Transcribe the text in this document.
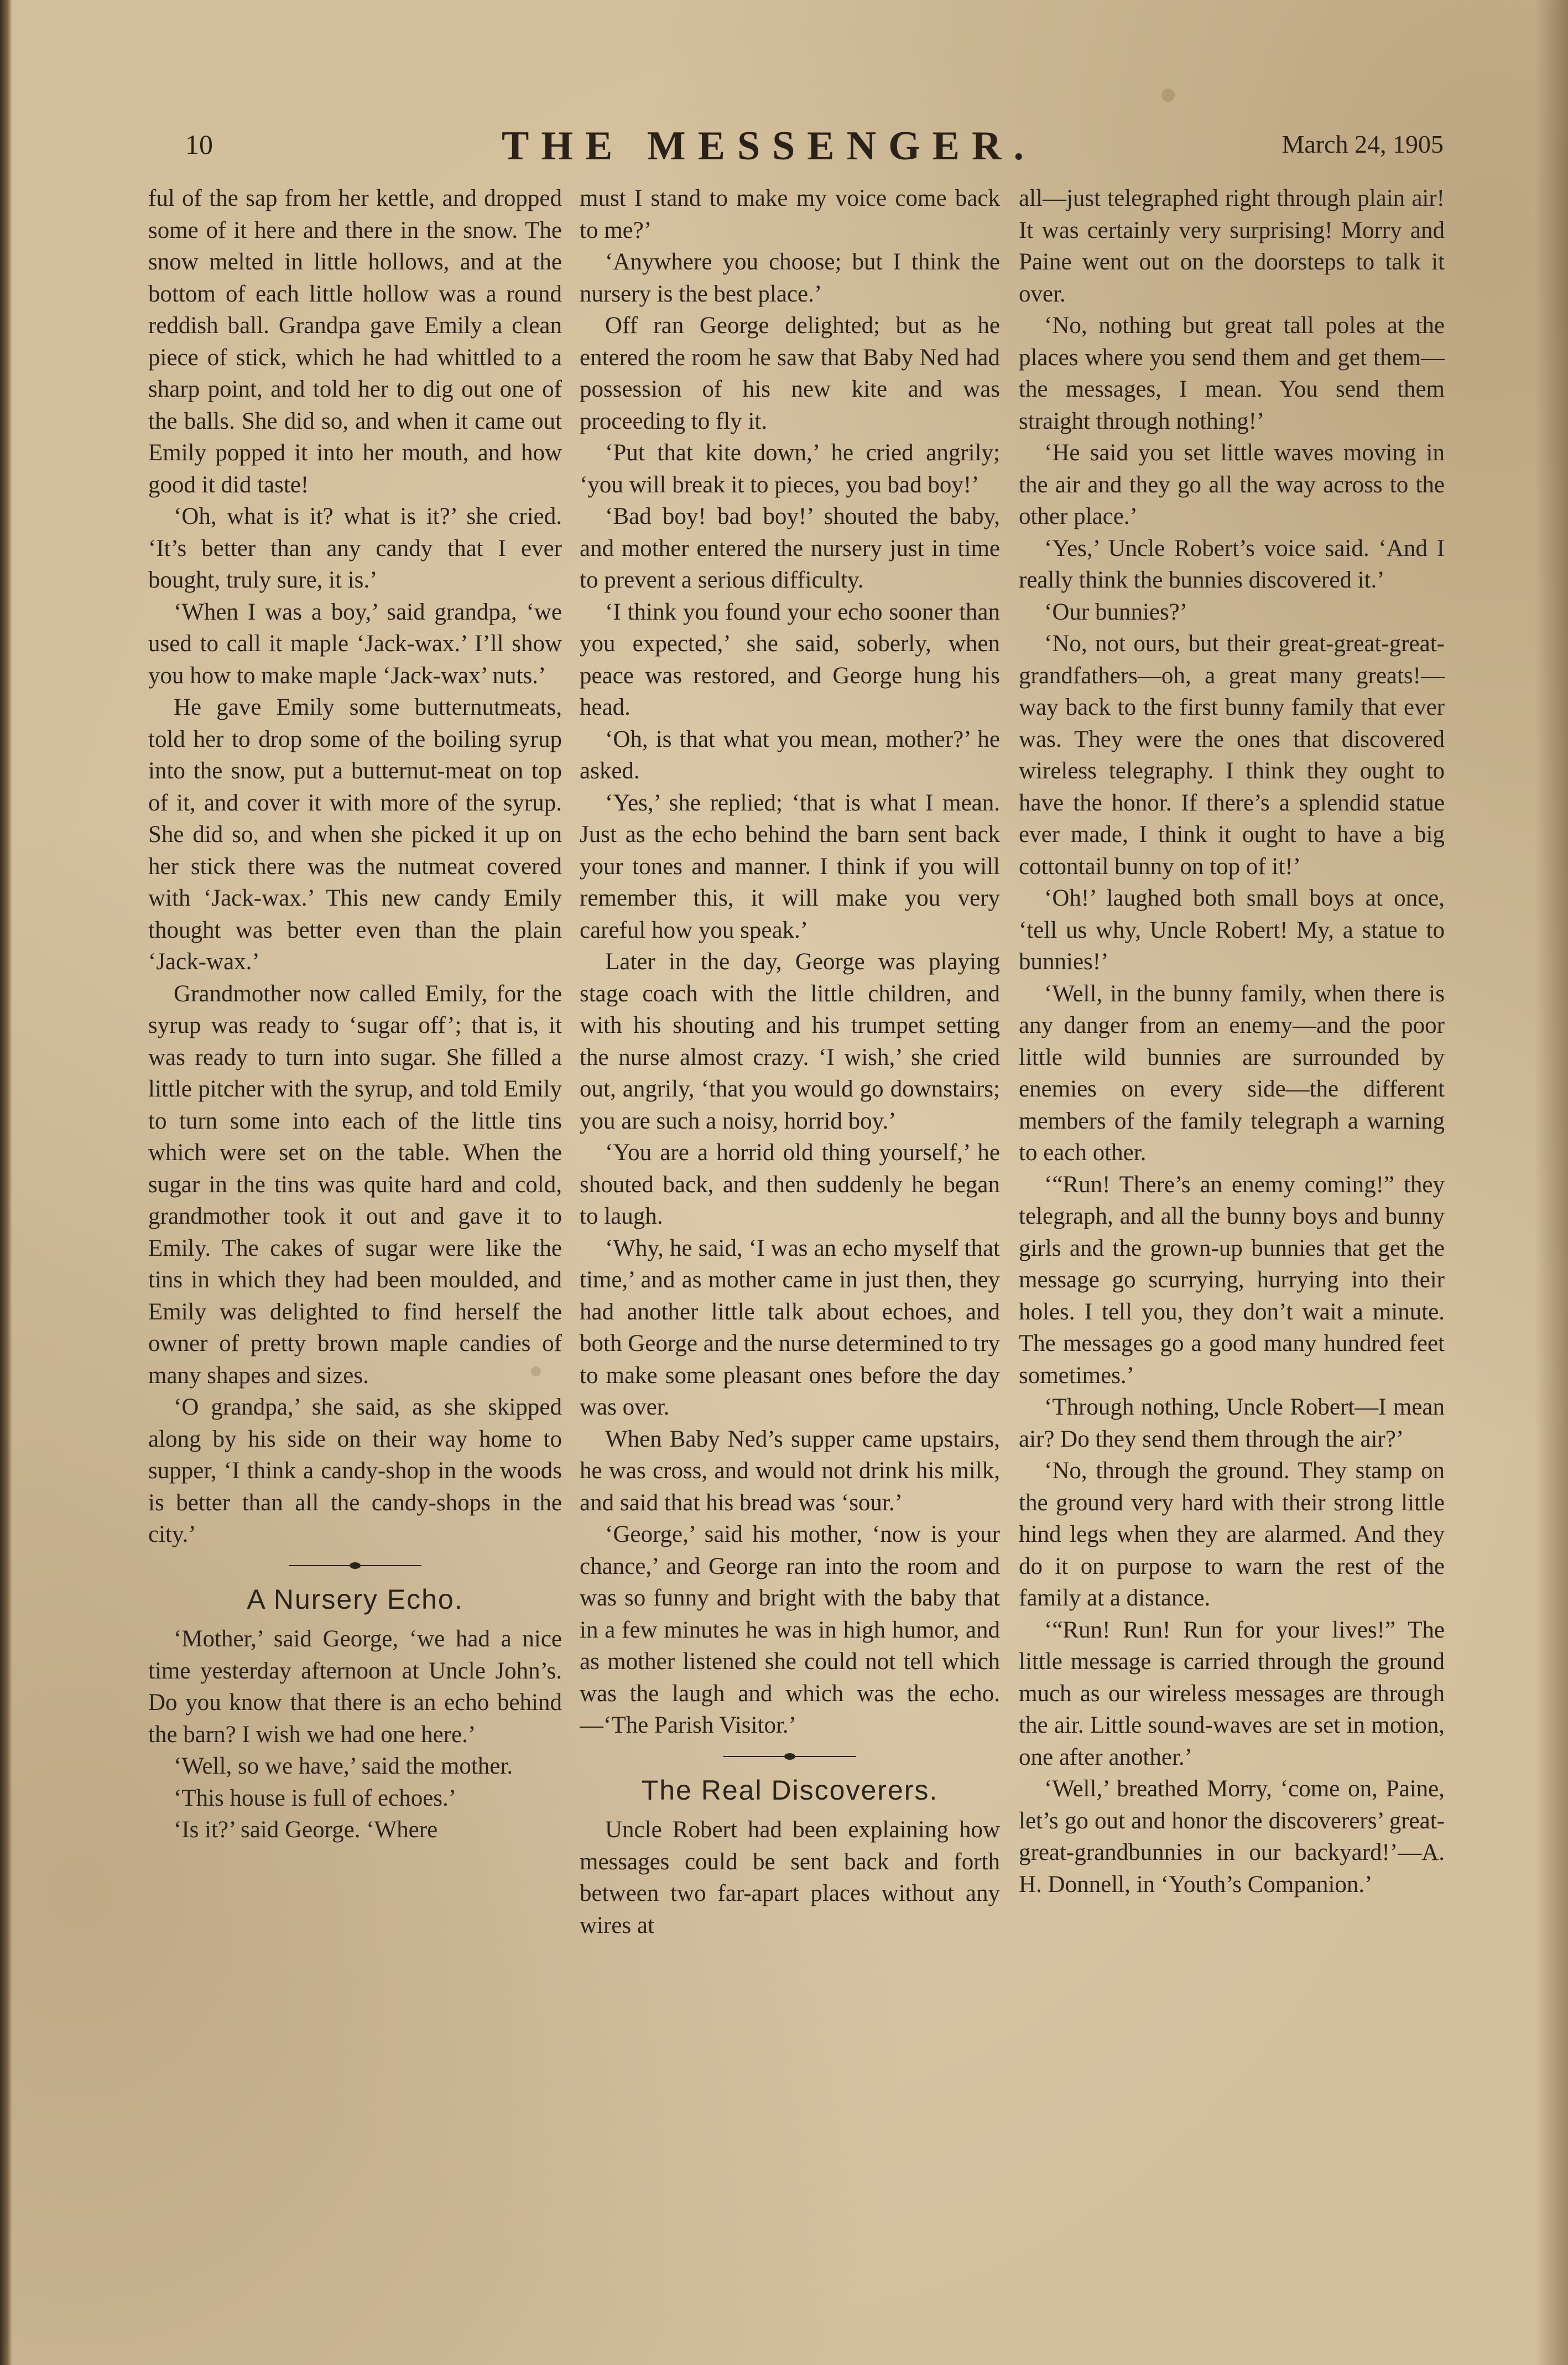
10	THE MESSENGER.	March 24, 1905

ful of the sap from her kettle, and dropped some of it here and there in the snow. The snow melted in little hollows, and at the bottom of each little hollow was a round reddish ball. Grandpa gave Emily a clean piece of stick, which he had whittled to a sharp point, and told her to dig out one of the balls. She did so, and when it came out Emily popped it into her mouth, and how good it did taste!

‘Oh, what is it? what is it?’ she cried. ‘It’s better than any candy that I ever bought, truly sure, it is.’

‘When I was a boy,’ said grandpa, ‘we used to call it maple ‘Jack-wax.’ I’ll show you how to make maple ‘Jack-wax’ nuts.’

He gave Emily some butternutmeats, told her to drop some of the boiling syrup into the snow, put a butternut-meat on top of it, and cover it with more of the syrup. She did so, and when she picked it up on her stick there was the nutmeat covered with ‘Jack-wax.’ This new candy Emily thought was better even than the plain ‘Jack-wax.’

Grandmother now called Emily, for the syrup was ready to ‘sugar off’; that is, it was ready to turn into sugar. She filled a little pitcher with the syrup, and told Emily to turn some into each of the little tins which were set on the table. When the sugar in the tins was quite hard and cold, grandmother took it out and gave it to Emily. The cakes of sugar were like the tins in which they had been moulded, and Emily was delighted to find herself the owner of pretty brown maple candies of many shapes and sizes.

‘O grandpa,’ she said, as she skipped along by his side on their way home to supper, ‘I think a candy-shop in the woods is better than all the candy-shops in the city.’

A Nursery Echo.

‘Mother,’ said George, ‘we had a nice time yesterday afternoon at Uncle John’s. Do you know that there is an echo behind the barn? I wish we had one here.’

‘Well, so we have,’ said the mother.

‘This house is full of echoes.’

‘Is it?’ said George. ‘Where

must I stand to make my voice come back to me?’

‘Anywhere you choose; but I think the nursery is the best place.’

Off ran George delighted; but as he entered the room he saw that Baby Ned had possession of his new kite and was proceeding to fly it.

‘Put that kite down,’ he cried angrily; ‘you will break it to pieces, you bad boy!’

‘Bad boy! bad boy!’ shouted the baby, and mother entered the nursery just in time to prevent a serious difficulty.

‘I think you found your echo sooner than you expected,’ she said, soberly, when peace was restored, and George hung his head.

‘Oh, is that what you mean, mother?’ he asked.

‘Yes,’ she replied; ‘that is what I mean. Just as the echo behind the barn sent back your tones and manner. I think if you will remember this, it will make you very careful how you speak.’

Later in the day, George was playing stage coach with the little children, and with his shouting and his trumpet setting the nurse almost crazy. ‘I wish,’ she cried out, angrily, ‘that you would go downstairs; you are such a noisy, horrid boy.’

‘You are a horrid old thing yourself,’ he shouted back, and then suddenly he began to laugh.

‘Why, he said, ‘I was an echo myself that time,’ and as mother came in just then, they had another little talk about echoes, and both George and the nurse determined to try to make some pleasant ones before the day was over.

When Baby Ned’s supper came upstairs, he was cross, and would not drink his milk, and said that his bread was ‘sour.’

‘George,’ said his mother, ‘now is your chance,’ and George ran into the room and was so funny and bright with the baby that in a few minutes he was in high humor, and as mother listened she could not tell which was the laugh and which was the echo.—‘The Parish Visitor.’

The Real Discoverers.

Uncle Robert had been explaining how messages could be sent back and forth between two far-apart places without any wires at

all—just telegraphed right through plain air! It was certainly very surprising! Morry and Paine went out on the doorsteps to talk it over.

‘No, nothing but great tall poles at the places where you send them and get them—the messages, I mean. You send them straight through nothing!’

‘He said you set little waves moving in the air and they go all the way across to the other place.’

‘Yes,’ Uncle Robert’s voice said. ‘And I really think the bunnies discovered it.’

‘Our bunnies?’

‘No, not ours, but their great-great-great-grandfathers—oh, a great many greats!—way back to the first bunny family that ever was. They were the ones that discovered wireless telegraphy. I think they ought to have the honor. If there’s a splendid statue ever made, I think it ought to have a big cottontail bunny on top of it!’

‘Oh!’ laughed both small boys at once, ‘tell us why, Uncle Robert! My, a statue to bunnies!’

‘Well, in the bunny family, when there is any danger from an enemy—and the poor little wild bunnies are surrounded by enemies on every side—the different members of the family telegraph a warning to each other.

‘“Run! There’s an enemy coming!” they telegraph, and all the bunny boys and bunny girls and the grown-up bunnies that get the message go scurrying, hurrying into their holes. I tell you, they don’t wait a minute. The messages go a good many hundred feet sometimes.’

‘Through nothing, Uncle Robert—I mean air? Do they send them through the air?’

‘No, through the ground. They stamp on the ground very hard with their strong little hind legs when they are alarmed. And they do it on purpose to warn the rest of the family at a distance.

‘“Run! Run! Run for your lives!” The little message is carried through the ground much as our wireless messages are through the air. Little sound-waves are set in motion, one after another.’

‘Well,’ breathed Morry, ‘come on, Paine, let’s go out and honor the discoverers’ great-great-grandbunnies in our backyard!’—A. H. Donnell, in ‘Youth’s Companion.’
